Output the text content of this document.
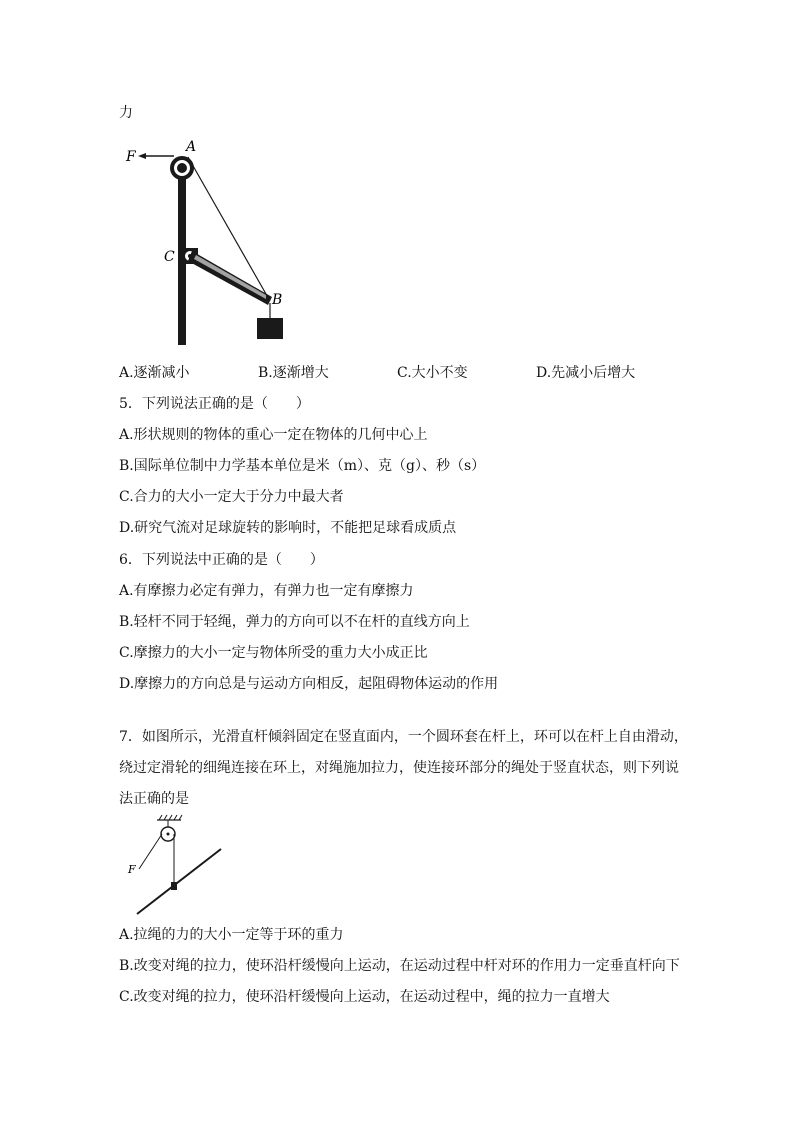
力
F
A
C
B
A.逐渐减小	B.逐渐增大	C.大小不变	D.先减小后增大
5．下列说法正确的是（　　）
A.形状规则的物体的重心一定在物体的几何中心上
B.国际单位制中力学基本单位是米（m）、克（g）、秒（s）
C.合力的大小一定大于分力中最大者
D.研究气流对足球旋转的影响时，不能把足球看成质点
6．下列说法中正确的是（　　）
A.有摩擦力必定有弹力，有弹力也一定有摩擦力
B.轻杆不同于轻绳，弹力的方向可以不在杆的直线方向上
C.摩擦力的大小一定与物体所受的重力大小成正比
D.摩擦力的方向总是与运动方向相反，起阻碍物体运动的作用
7．如图所示，光滑直杆倾斜固定在竖直面内，一个圆环套在杆上，环可以在杆上自由滑动，
绕过定滑轮的细绳连接在环上，对绳施加拉力，使连接环部分的绳处于竖直状态，则下列说
法正确的是
F
A.拉绳的力的大小一定等于环的重力
B.改变对绳的拉力，使环沿杆缓慢向上运动，在运动过程中杆对环的作用力一定垂直杆向下
C.改变对绳的拉力，使环沿杆缓慢向上运动，在运动过程中，绳的拉力一直增大
